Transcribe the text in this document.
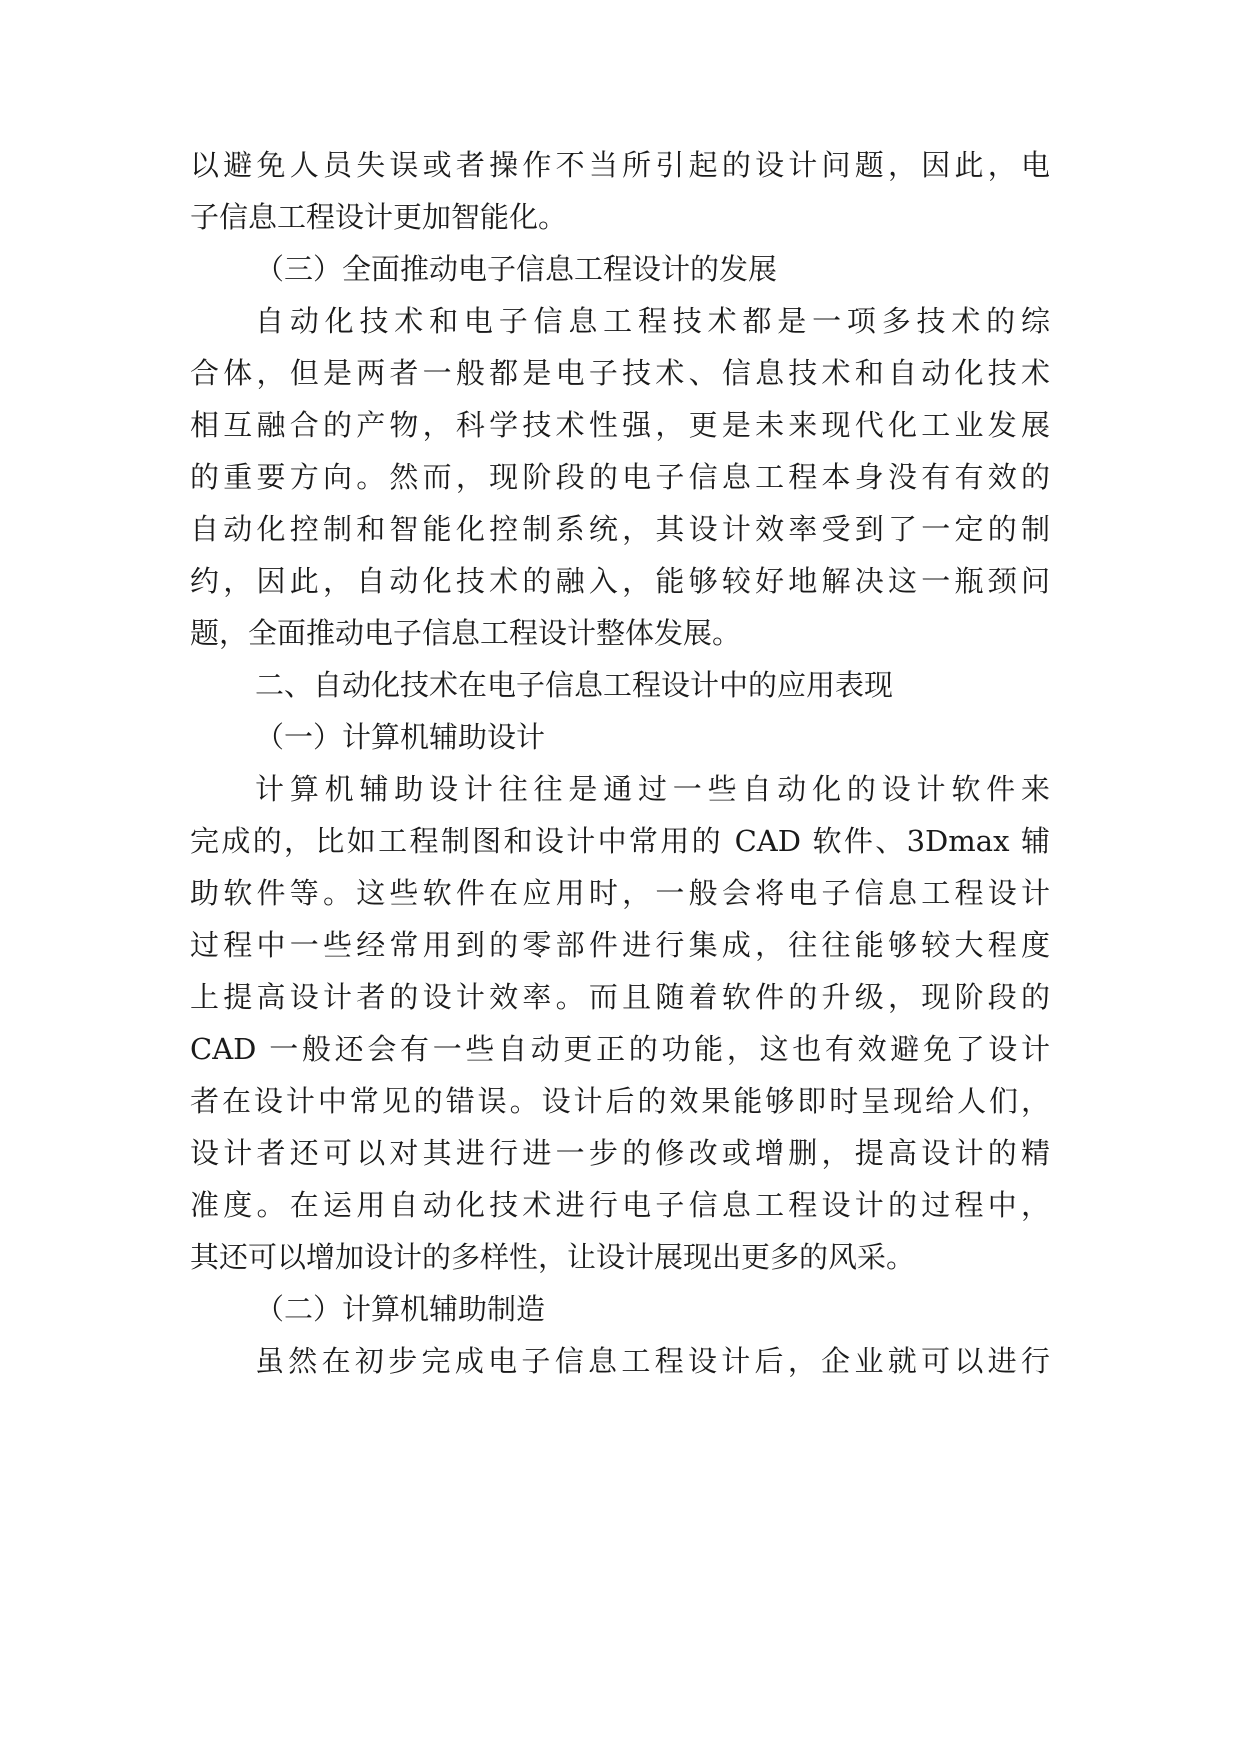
以避免人员失误或者操作不当所引起的设计问题，因此，电

子信息工程设计更加智能化。

（三）全面推动电子信息工程设计的发展

自动化技术和电子信息工程技术都是一项多技术的综

合体，但是两者一般都是电子技术、信息技术和自动化技术

相互融合的产物，科学技术性强，更是未来现代化工业发展

的重要方向。然而，现阶段的电子信息工程本身没有有效的

自动化控制和智能化控制系统，其设计效率受到了一定的制

约，因此，自动化技术的融入，能够较好地解决这一瓶颈问

题，全面推动电子信息工程设计整体发展。

二、自动化技术在电子信息工程设计中的应用表现

（一）计算机辅助设计

计算机辅助设计往往是通过一些自动化的设计软件来

完成的，比如工程制图和设计中常用的 CAD 软件、3Dmax 辅

助软件等。这些软件在应用时，一般会将电子信息工程设计

过程中一些经常用到的零部件进行集成，往往能够较大程度

上提高设计者的设计效率。而且随着软件的升级，现阶段的

CAD 一般还会有一些自动更正的功能，这也有效避免了设计

者在设计中常见的错误。设计后的效果能够即时呈现给人们，

设计者还可以对其进行进一步的修改或增删，提高设计的精

准度。在运用自动化技术进行电子信息工程设计的过程中，

其还可以增加设计的多样性，让设计展现出更多的风采。

（二）计算机辅助制造

虽然在初步完成电子信息工程设计后，企业就可以进行
